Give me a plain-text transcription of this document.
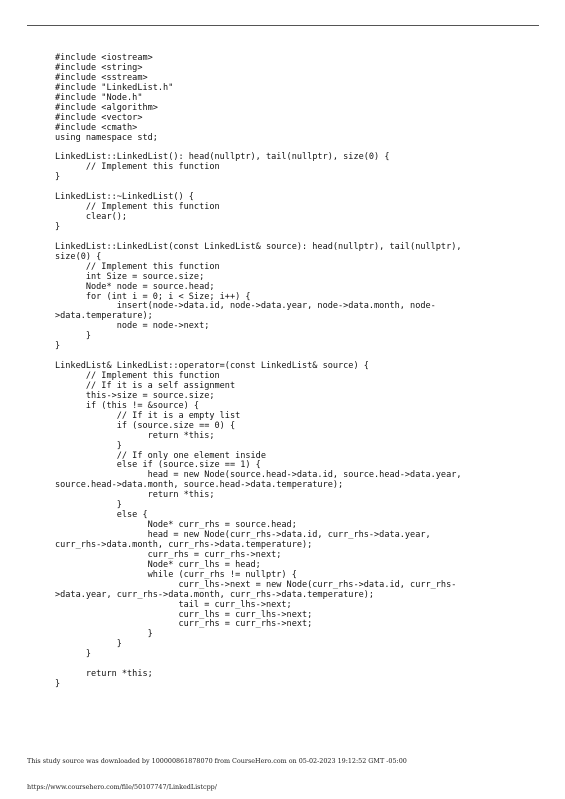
#include <iostream>
#include <string>
#include <sstream>
#include "LinkedList.h"
#include "Node.h"
#include <algorithm>
#include <vector>
#include <cmath>
using namespace std;
LinkedList::LinkedList(): head(nullptr), tail(nullptr), size(0) {
// Implement this function
}
LinkedList::~LinkedList() {
// Implement this function
clear();
}
LinkedList::LinkedList(const LinkedList& source): head(nullptr), tail(nullptr),
size(0) {
// Implement this function
int Size = source.size;
Node* node = source.head;
for (int i = 0; i < Size; i++) {
insert(node->data.id, node->data.year, node->data.month, node-
>data.temperature);
node = node->next;
}
}
LinkedList& LinkedList::operator=(const LinkedList& source) {
// Implement this function
// If it is a self assignment
this->size = source.size;
if (this != &source) {
// If it is a empty list
if (source.size == 0) {
return *this;
}
// If only one element inside
else if (source.size == 1) {
head = new Node(source.head->data.id, source.head->data.year,
source.head->data.month, source.head->data.temperature);
return *this;
}
else {
Node* curr_rhs = source.head;
head = new Node(curr_rhs->data.id, curr_rhs->data.year,
curr_rhs->data.month, curr_rhs->data.temperature);
curr_rhs = curr_rhs->next;
Node* curr_lhs = head;
while (curr_rhs != nullptr) {
curr_lhs->next = new Node(curr_rhs->data.id, curr_rhs-
>data.year, curr_rhs->data.month, curr_rhs->data.temperature);
tail = curr_lhs->next;
curr_lhs = curr_lhs->next;
curr_rhs = curr_rhs->next;
}
}
}
return *this;
}

This study source was downloaded by 100000861878070 from CourseHero.com on 05-02-2023 19:12:52 GMT -05:00

https://www.coursehero.com/file/50107747/LinkedListcpp/
